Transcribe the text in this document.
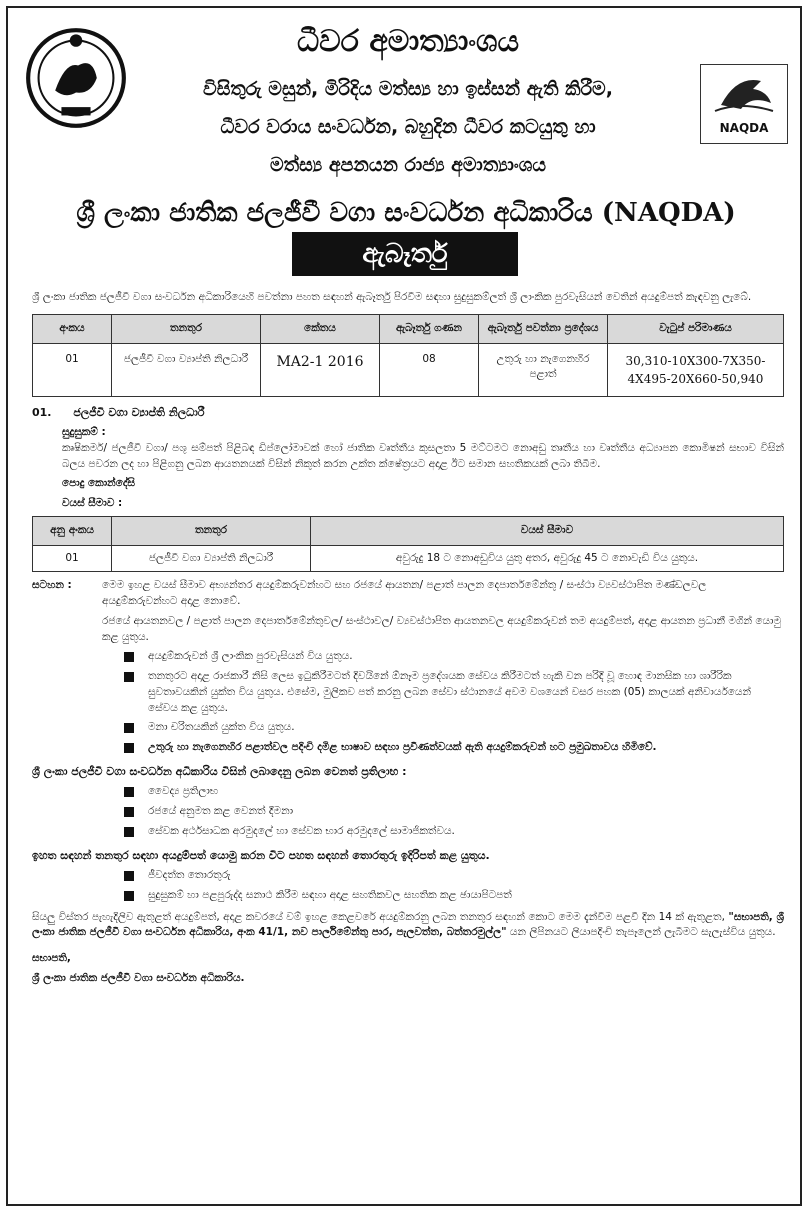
ධීවර අමාත්‍යාංශය
විසිතුරු මසුන්, මිරිදිය මත්ස්‍ය හා ඉස්සන් ඇති කිරීම,
ධීවර වරාය සංවර්ධන, බහුදින ධීවර කටයුතු හා
මත්ස්‍ය අපනයන රාජ්‍ය අමාත්‍යාංශය
NAQDA
ශ්‍රී ලංකා ජාතික ජලජීවී වගා සංවර්ධන අධිකාරිය (NAQDA)
ඇබෑර්තු
ශ්‍රී ලංකා ජාතික ජලජීවී වගා සංවර්ධන අධිකාරියෙහි පවත්නා පහත සඳහන් ඇබෑර්තු පිරවීම සඳහා සුදුසුකම්ලත් ශ්‍රී ලාංකික පුරවැසියන් වෙතින් අයදුම්පත් කැඳවනු ලැබේ.
අංකය	තනතුර	කේතය	ඇබෑර්තු ගණන	ඇබෑර්තු පවත්නා ප්‍රදේශය	වැටුප් පරිමාණය
01	ජලජීවී වගා ව්‍යාප්ති නිලධාරී	MA2-1 2016	08	උතුරු හා නැගෙනහිර පළාත්	30,310-10X300-7X350-4X495-20X660-50,940
01. ජලජීවී වගා ව්‍යාප්ති නිලධාරී
සුදුසුකම් :
කෘෂිකර්ම/ ජලජීවී වගා/ පශු සම්පත් පිළිබඳ ඩිප්ලෝමාවක් හෝ ජාතික වෘත්තීය කුසලතා 5 මට්ටමට නොඅඩු තෘතීය හා වෘත්තීය අධ්‍යාපන කොමිෂන් සභාව විසින් බලය පවරන ලද හා පිළිගනු ලබන ආයතනයක් විසින් නිකුත් කරන උක්ත ක්ෂේත්‍රයට අදාළ ඊට සමාන සහතිකයක් ලබා තිබීම.
පොදු කොන්දේසි
වයස් සීමාව :
අනු අංකය	තනතුර	වයස් සීමාව
01	ජලජීවී වගා ව්‍යාප්ති නිලධාරී	අවුරුදු 18 ට නොඅඩුවිය යුතු අතර, අවුරුදු 45 ට නොවැඩි විය යුතුය.
සටහන :	මෙම ඉහළ වයස් සීමාව අභ්‍යන්තර අයදුම්කරුවන්හට සහ රජයේ ආයතන/ පළාත් පාලන දෙපාර්තමේන්තු / සංස්ථා ව්‍යවස්ථාපිත මණ්ඩලවල අයදුම්කරුවන්හට අදාළ නොවේ.
රජයේ ආයතනවල / පළාත් පාලන දෙපාර්තමේන්තුවල/ සංස්ථාවල/ ව්‍යවස්ථාපිත ආයතනවල අයදුම්කරුවන් තම අයදුම්පත්, අදාළ ආයතන ප්‍රධානී මගින් යොමු කළ යුතුය.
අයදුම්කරුවන් ශ්‍රී ලාංකික පුරවැසියන් විය යුතුය.
තනතුරට අදාළ රාජකාරී නිසි ලෙස ඉටුකිරීමටත් දිවයිනේ ඕනෑම ප්‍රදේශයක සේවය කිරීමටත් හැකි වන පරිදි වූ හොඳ මානසික හා ශාරීරික සුවතාවයකින් යුක්ත විය යුතුය. එසේම, මුලිකව පත් කරනු ලබන සේවා ස්ථානයේ අවම වශයෙන් වසර පහක (05) කාලයක් අනිවාර්යයෙන් සේවය කළ යුතුය.
මනා චරිතයකින් යුක්ත විය යුතුය.
උතුරු හා නැගෙනහිර පළාත්වල පදිංචි දමිළ භාෂාව සඳහා ප්‍රවීණත්වයක් ඇති අයදුම්කරුවන් හට ප්‍රමුඛතාවය හිමිවේ.
ශ්‍රී ලංකා ජලජීවී වගා සංවර්ධන අධිකාරිය විසින් ලබාදෙනු ලබන වෙනත් ප්‍රතිලාභ :
වෛද්‍ය ප්‍රතිලාභ
රජයේ අනුමත කළ වෙනත් දීමනා
සේවක අර්ථසාධක අරමුදලේ හා සේවක භාර අරමුදලේ සාමාජිකත්වය.
ඉහත සඳහන් තනතුර සඳහා අයදුම්පත් යොමු කරන විට පහත සඳහන් තොරතුරු ඉදිරිපත් කළ යුතුය.
ජීවදත්ත තොරතුරු
සුදුසුකම් හා පළපුරුද්ද සනාථ කිරීම සඳහා අදාළ සහතිකවල සහතික කළ ඡායාපිටපත්
සියලු විස්තර පැහැදිලිව ඇතුළත් අයදුම්පත්, අදාළ කවරයේ වම් ඉහළ කෙළවරේ අයදුම්කරනු ලබන තනතුර සඳහන් කොට මෙම දැන්වීම පළවී දින 14 ක් ඇතුළත, "සභාපති, ශ්‍රී ලංකා ජාතික ජලජීවී වගා සංවර්ධන අධිකාරිය, අංක 41/1, නව පාර්ලිමේන්තු පාර, පැලවත්ත, බත්තරමුල්ල" යන ලිපිනයට ලියාපදිංචි තැපෑලෙන් ලැබීමට සැලැස්විය යුතුය.
සභාපති,
ශ්‍රී ලංකා ජාතික ජලජීවී වගා සංවර්ධන අධිකාරිය.
